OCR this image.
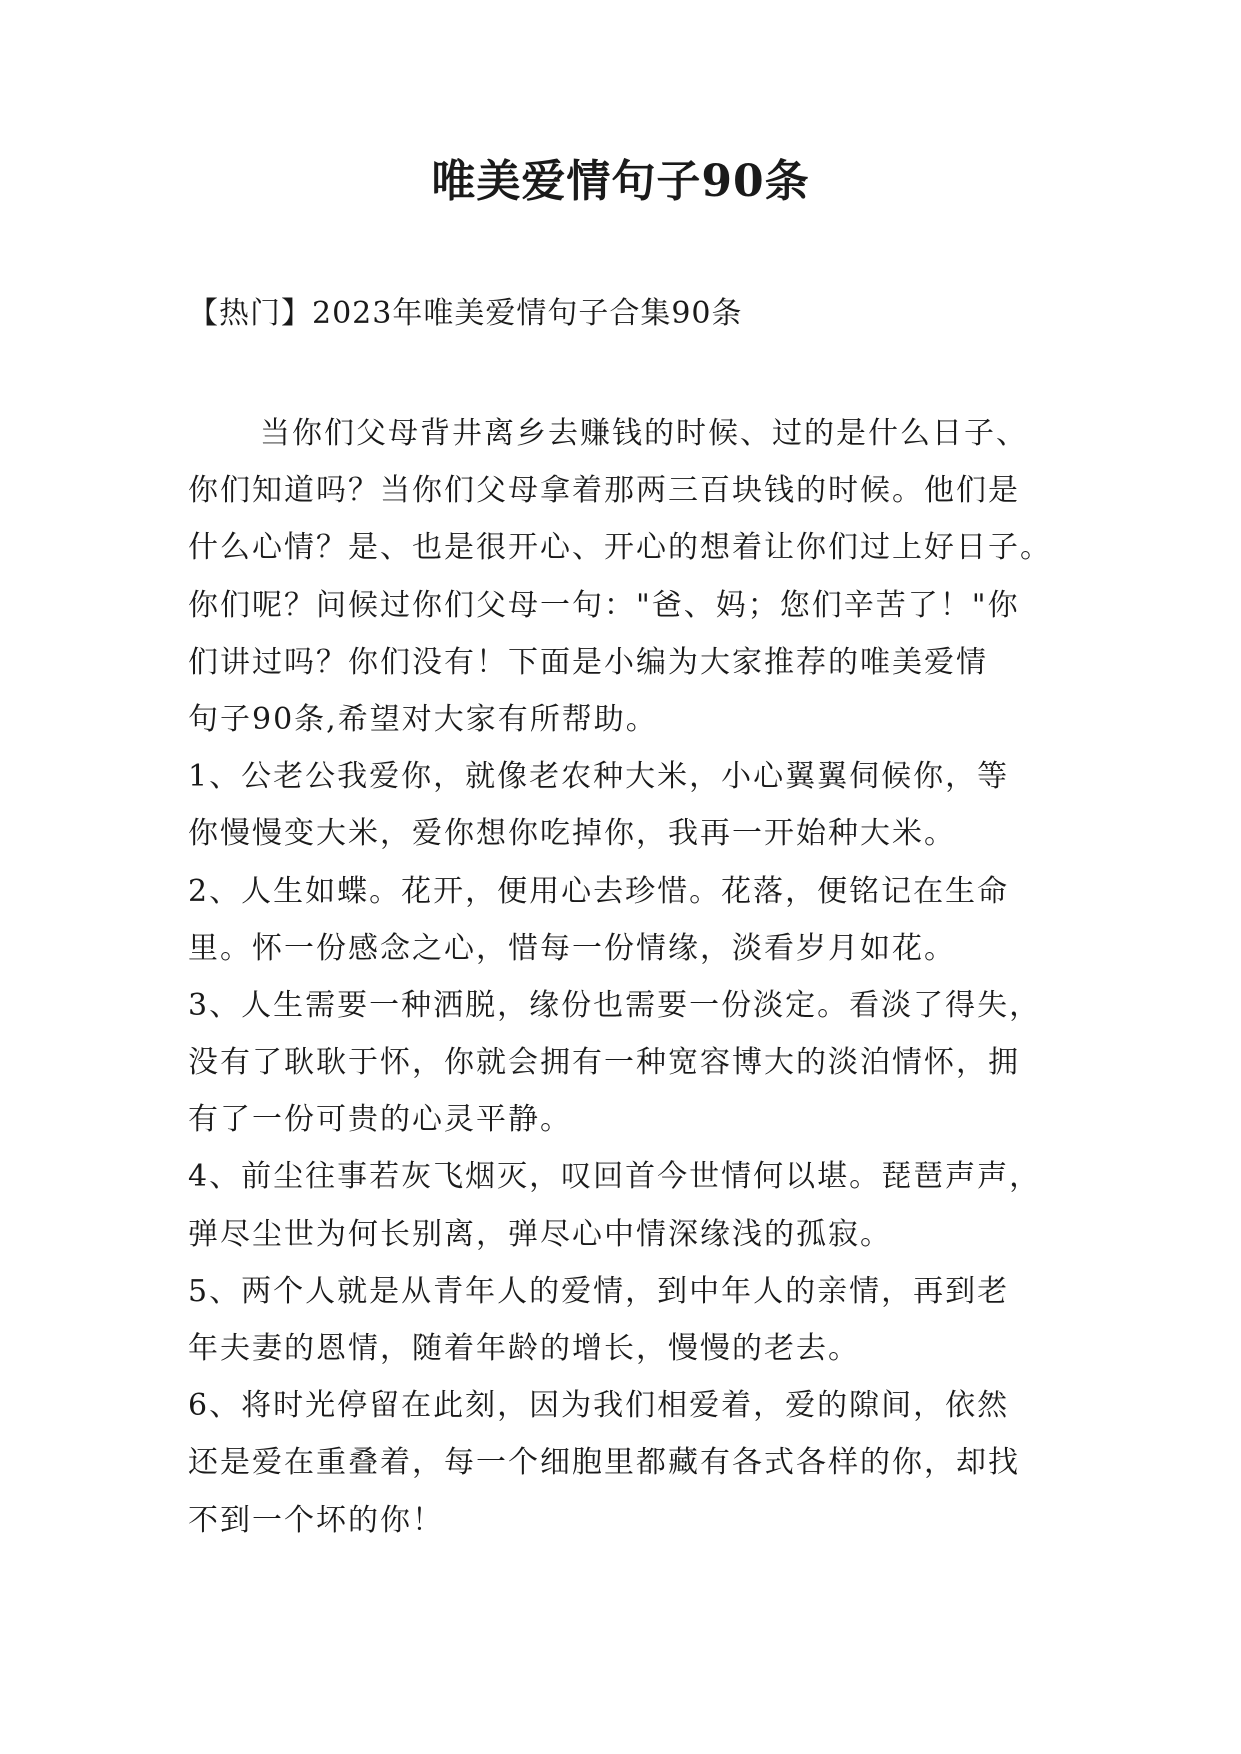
唯美爱情句子90条

【热门】2023年唯美爱情句子合集90条

当你们父母背井离乡去赚钱的时候、过的是什么日子、
你们知道吗？当你们父母拿着那两三百块钱的时候。他们是
什么心情？是、也是很开心、开心的想着让你们过上好日子。
你们呢？问候过你们父母一句："爸、妈；您们辛苦了！"你
们讲过吗？你们没有！下面是小编为大家推荐的唯美爱情
句子90条,希望对大家有所帮助。
1、公老公我爱你，就像老农种大米，小心翼翼伺候你，等
你慢慢变大米，爱你想你吃掉你，我再一开始种大米。
2、人生如蝶。花开，便用心去珍惜。花落，便铭记在生命
里。怀一份感念之心，惜每一份情缘，淡看岁月如花。
3、人生需要一种洒脱，缘份也需要一份淡定。看淡了得失，
没有了耿耿于怀，你就会拥有一种宽容博大的淡泊情怀，拥
有了一份可贵的心灵平静。
4、前尘往事若灰飞烟灭，叹回首今世情何以堪。琵琶声声，
弹尽尘世为何长别离，弹尽心中情深缘浅的孤寂。
5、两个人就是从青年人的爱情，到中年人的亲情，再到老
年夫妻的恩情，随着年龄的增长，慢慢的老去。
6、将时光停留在此刻，因为我们相爱着，爱的隙间，依然
还是爱在重叠着，每一个细胞里都藏有各式各样的你，却找
不到一个坏的你！
